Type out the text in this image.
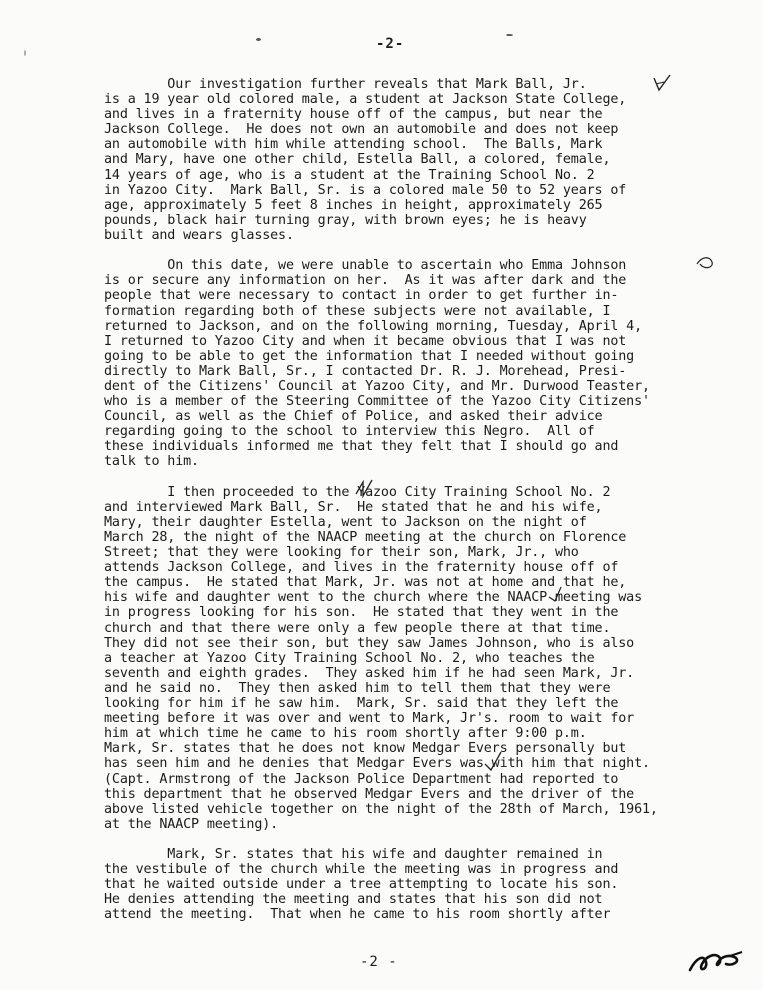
-2-
Our investigation further reveals that Mark Ball, Jr.
is a 19 year old colored male, a student at Jackson State College,
and lives in a fraternity house off of the campus, but near the
Jackson College.  He does not own an automobile and does not keep
an automobile with him while attending school.  The Balls, Mark
and Mary, have one other child, Estella Ball, a colored, female,
14 years of age, who is a student at the Training School No. 2
in Yazoo City.  Mark Ball, Sr. is a colored male 50 to 52 years of
age, approximately 5 feet 8 inches in height, approximately 265
pounds, black hair turning gray, with brown eyes; he is heavy
built and wears glasses.
On this date, we were unable to ascertain who Emma Johnson
is or secure any information on her.  As it was after dark and the
people that were necessary to contact in order to get further in-
formation regarding both of these subjects were not available, I
returned to Jackson, and on the following morning, Tuesday, April 4,
I returned to Yazoo City and when it became obvious that I was not
going to be able to get the information that I needed without going
directly to Mark Ball, Sr., I contacted Dr. R. J. Morehead, Presi-
dent of the Citizens' Council at Yazoo City, and Mr. Durwood Teaster,
who is a member of the Steering Committee of the Yazoo City Citizens'
Council, as well as the Chief of Police, and asked their advice
regarding going to the school to interview this Negro.  All of
these individuals informed me that they felt that I should go and
talk to him.
I then proceeded to the Yazoo City Training School No. 2
and interviewed Mark Ball, Sr.  He stated that he and his wife,
Mary, their daughter Estella, went to Jackson on the night of
March 28, the night of the NAACP meeting at the church on Florence
Street; that they were looking for their son, Mark, Jr., who
attends Jackson College, and lives in the fraternity house off of
the campus.  He stated that Mark, Jr. was not at home and that he,
his wife and daughter went to the church where the NAACP meeting was
in progress looking for his son.  He stated that they went in the
church and that there were only a few people there at that time.
They did not see their son, but they saw James Johnson, who is also
a teacher at Yazoo City Training School No. 2, who teaches the
seventh and eighth grades.  They asked him if he had seen Mark, Jr.
and he said no.  They then asked him to tell them that they were
looking for him if he saw him.  Mark, Sr. said that they left the
meeting before it was over and went to Mark, Jr's. room to wait for
him at which time he came to his room shortly after 9:00 p.m.
Mark, Sr. states that he does not know Medgar Evers personally but
has seen him and he denies that Medgar Evers was with him that night.
(Capt. Armstrong of the Jackson Police Department had reported to
this department that he observed Medgar Evers and the driver of the
above listed vehicle together on the night of the 28th of March, 1961,
at the NAACP meeting).
Mark, Sr. states that his wife and daughter remained in
the vestibule of the church while the meeting was in progress and
that he waited outside under a tree attempting to locate his son.
He denies attending the meeting and states that his son did not
attend the meeting.  That when he came to his room shortly after
-2 -
